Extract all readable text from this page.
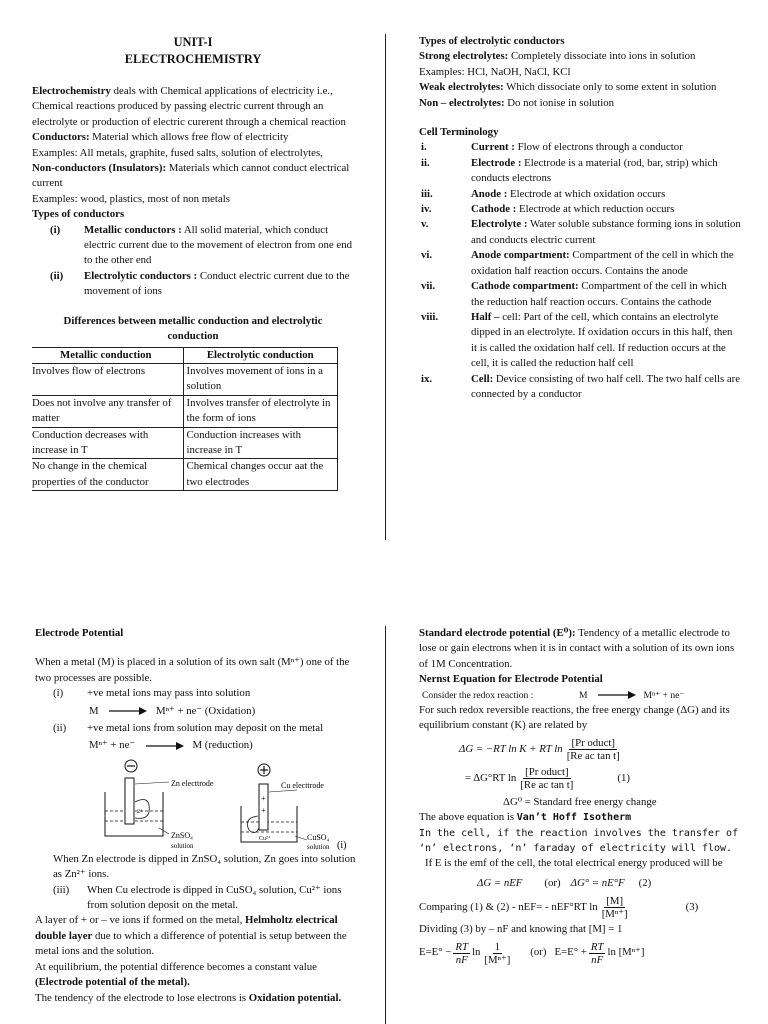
UNIT-I
ELECTROCHEMISTRY
Electrochemistry deals with Chemical applications of electricity i.e., Chemical reactions produced by passing electric current through an electrolyte or production of electric curerent through a chemical reaction
Conductors: Material which allows free flow of electricity
Examples: All metals, graphite, fused salts, solution of electrolytes,
Non-conductors (Insulators): Materials which cannot conduct electrical current
Examples: wood, plastics, most of non metals
Types of conductors
(i)	Metallic conductors : All solid material, which conduct electric current due to the movement of electron from one end to the other end
(ii)	Electrolytic conductors : Conduct electric current due to the movement of ions
Differences between metallic conduction and electrolytic conduction
Metallic conduction	Electrolytic conduction
Involves flow of electrons	Involves movement of ions in a solution
Does not involve any transfer of matter	Involves transfer of electrolyte in the form of ions
Conduction decreases with increase in T	Conduction increases with increase in T
No change in the chemical properties of the conductor	Chemical changes occur aat the two electrodes
Types of electrolytic conductors
Strong electrolytes: Completely dissociate into ions in solution
Examples: HCl, NaOH, NaCl, KCl
Weak electrolytes: Which dissociate only to some extent in solution
Non – electrolytes: Do not ionise in solution
Cell Terminology
i.	Current : Flow of electrons through a conductor
ii.	Electrode : Electrode is a material (rod, bar, strip) which conducts electrons
iii.	Anode : Electrode at which oxidation occurs
iv.	Cathode : Electrode at which reduction occurs
v.	Electrolyte : Water soluble substance forming ions in solution and conducts electric current
vi.	Anode compartment: Compartment of the cell in which the oxidation half reaction occurs. Contains the anode
vii.	Cathode compartment: Compartment of the cell in which the reduction half reaction occurs. Contains the cathode
viii.	Half – cell: Part of the cell, which contains an electrolyte dipped in an electrolyte. If oxidation occurs in this half, then it is called the oxidation half cell. If reduction occurs at the cell, it is called the reduction half cell
ix.	Cell: Device consisting of two half cell. The two half cells are connected by a conductor
Electrode Potential
When a metal (M) is placed in a solution of its own salt (Mⁿ⁺) one of the two processes are possible.
(i)	+ve metal ions may pass into solution
M → Mⁿ⁺ + ne⁻ (Oxidation)
(ii)	+ve metal ions from solution may deposit on the metal
Mⁿ⁺ + ne⁻ → M (reduction)
2+
Zn electtrode
ZnSO₄
solution
+
+
Cu²⁺
Cu electtrode
CuSO₄
solution (i)
When Zn electrode is dipped in ZnSO₄ solution, Zn goes into solution as Zn²⁺ ions.
(iii)	When Cu electrode is dipped in CuSO₄ solution, Cu²⁺ ions from solution deposit on the metal.
A layer of + or – ve ions if formed on the metal, Helmholtz electrical double layer due to which a difference of potential is setup between the metal ions and the solution.
At equilibrium, the potential difference becomes a constant value (Electrode potential of the metal).
The tendency of the electrode to lose electrons is Oxidation potential.
Standard electrode potential (E⁰): Tendency of a metallic electrode to lose or gain electrons when it is in contact with a solution of its own ions of 1M Concentration.
Nernst Equation for Electrode Potential
Consider the redox reaction :	M	Mⁿ⁺ + ne⁻
For such redox reversible reactions, the free energy change (ΔG) and its equilibrium constant (K) are related by
ΔG = −RT ln K + RT $\ln \frac{\text{[Pr oduct]}}{\text{[Re ac tan t]}}$
= ΔG°RT $\ln \frac{\text{[Pr oduct]}}{\text{[Re ac tan t]}}$	(1)
ΔG⁰ = Standard free energy change
The above equation is Van’t Hoff Isotherm
In the cell, if the reaction involves the transfer of ‘n’ electrons, ‘n’ faraday of electricity will flow.
If E is the emf of the cell, the total electrical energy produced will be
ΔG = nEF (or) ΔG° = nE°F (2)
Comparing (1) & (2) - nEF= - nEF°RT $\ln \frac{[M]}{\text{[Mⁿ⁺]}}$	(3)
Dividing (3) by – nF and knowing that [M] = 1
$E=E^\circ - \frac{RT}{nF}$ $\ln \frac{1}{\text{[Mⁿ⁺]}} (or) E=E^\circ + \frac{RT}{nF}$ ln [Mⁿ⁺]
